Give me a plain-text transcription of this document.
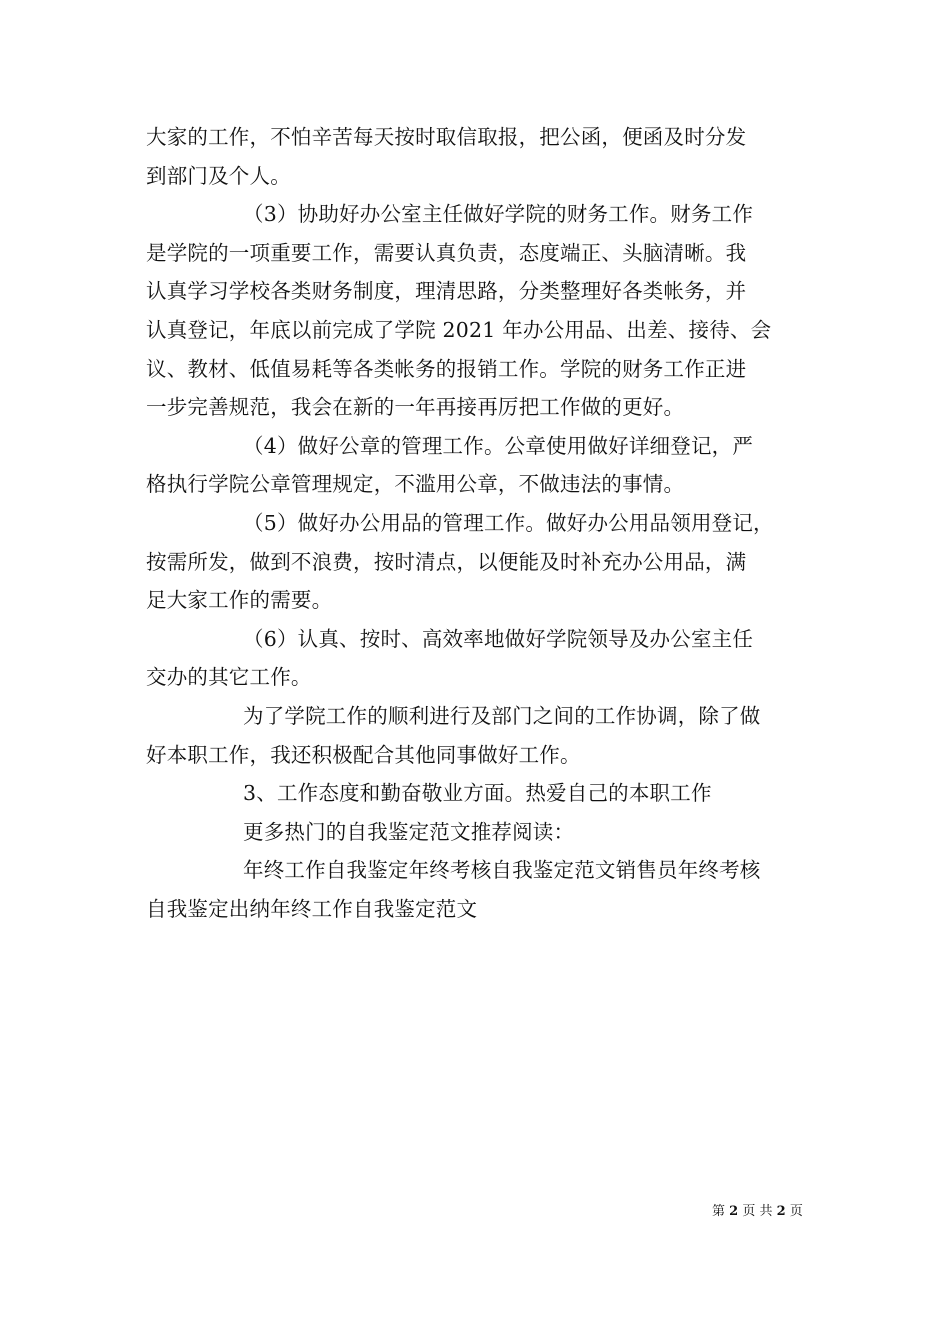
大家的工作，不怕辛苦每天按时取信取报，把公函，便函及时分发
到部门及个人。
（3）协助好办公室主任做好学院的财务工作。财务工作
是学院的一项重要工作，需要认真负责，态度端正、头脑清晰。我
认真学习学校各类财务制度，理清思路，分类整理好各类帐务，并
认真登记，年底以前完成了学院 2021 年办公用品、出差、接待、会
议、教材、低值易耗等各类帐务的报销工作。学院的财务工作正进
一步完善规范，我会在新的一年再接再厉把工作做的更好。
（4）做好公章的管理工作。公章使用做好详细登记，严
格执行学院公章管理规定，不滥用公章，不做违法的事情。
（5）做好办公用品的管理工作。做好办公用品领用登记，
按需所发，做到不浪费，按时清点，以便能及时补充办公用品，满
足大家工作的需要。
（6）认真、按时、高效率地做好学院领导及办公室主任
交办的其它工作。
为了学院工作的顺利进行及部门之间的工作协调，除了做
好本职工作，我还积极配合其他同事做好工作。
3、工作态度和勤奋敬业方面。热爱自己的本职工作
更多热门的自我鉴定范文推荐阅读：
年终工作自我鉴定年终考核自我鉴定范文销售员年终考核
自我鉴定出纳年终工作自我鉴定范文
第 2 页 共 2 页
